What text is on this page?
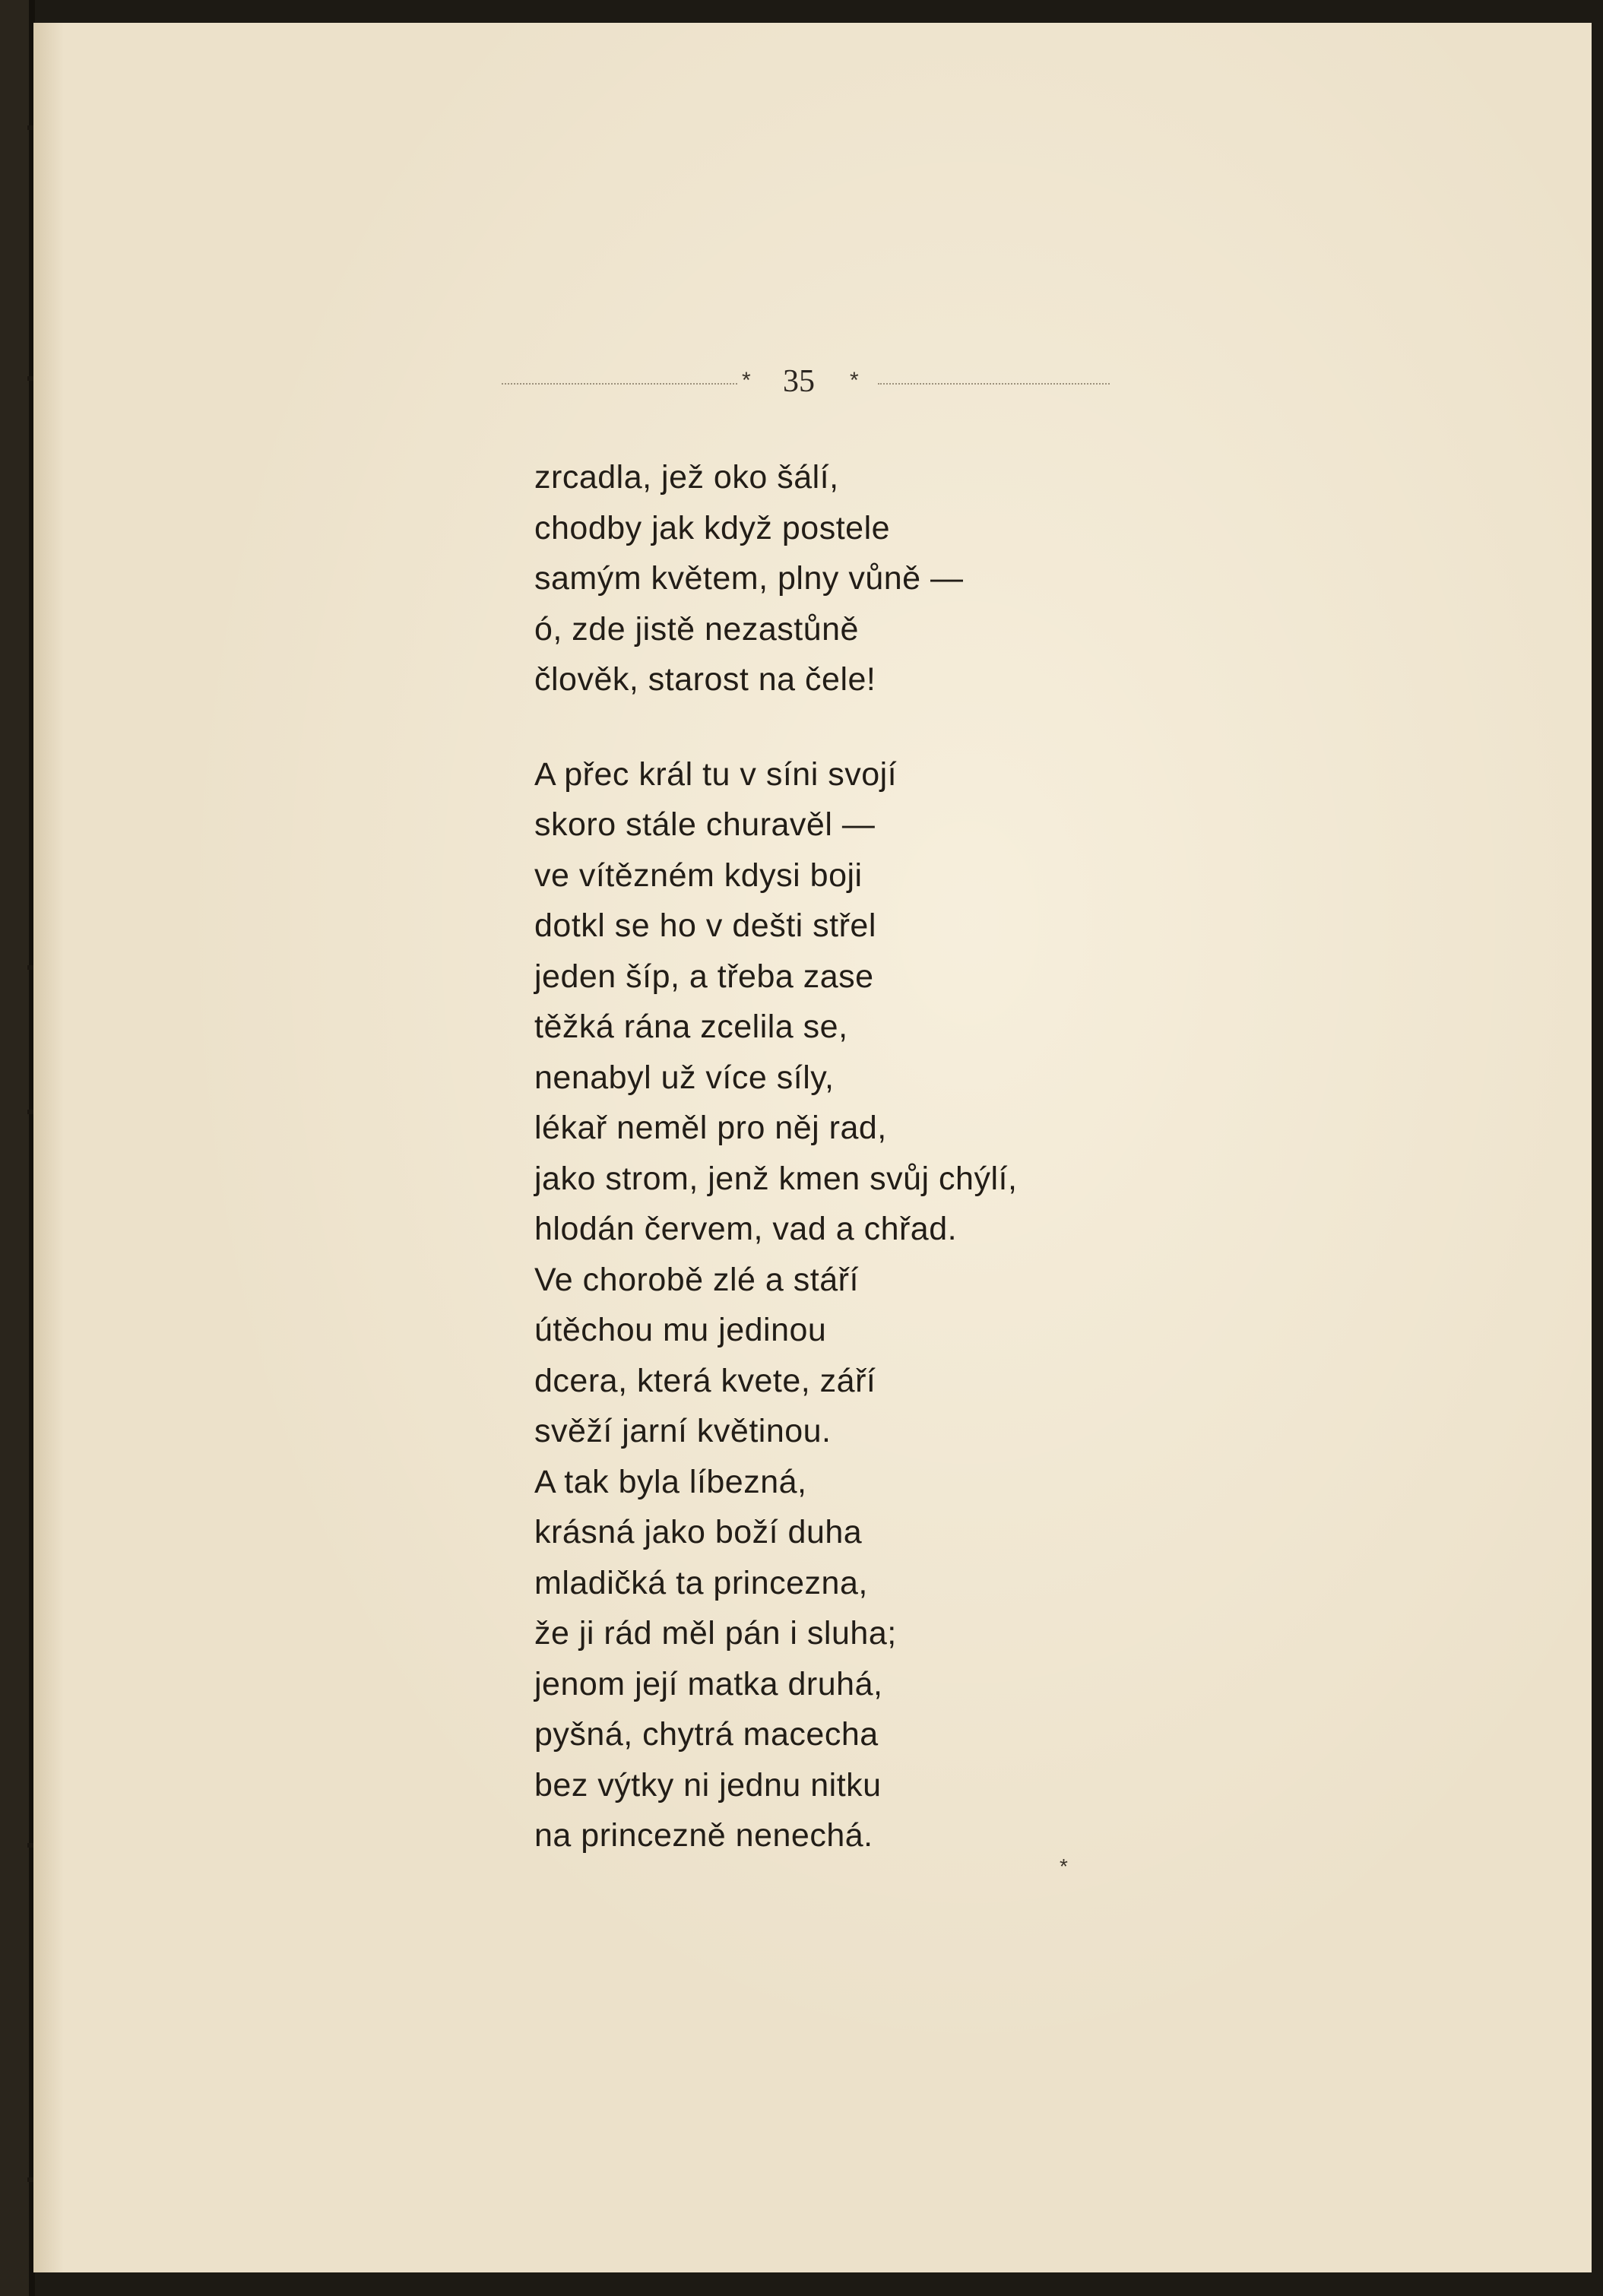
* 35 *
zrcadla, jež oko šálí,
chodby jak když postele
samým květem, plny vůně —
ó, zde jistě nezastůně
člověk, starost na čele!
A přec král tu v síni svojí
skoro stále churavěl —
ve vítězném kdysi boji
dotkl se ho v dešti střel
jeden šíp, a třeba zase
těžká rána zcelila se,
nenabyl už více síly,
lékař neměl pro něj rad,
jako strom, jenž kmen svůj chýlí,
hlodán červem, vad a chřad.
Ve chorobě zlé a stáří
útěchou mu jedinou
dcera, která kvete, září
svěží jarní květinou.
A tak byla líbezná,
krásná jako boží duha
mladičká ta princezna,
že ji rád měl pán i sluha;
jenom její matka druhá,
pyšná, chytrá macecha
bez výtky ni jednu nitku
na princezně nenechá.
*
